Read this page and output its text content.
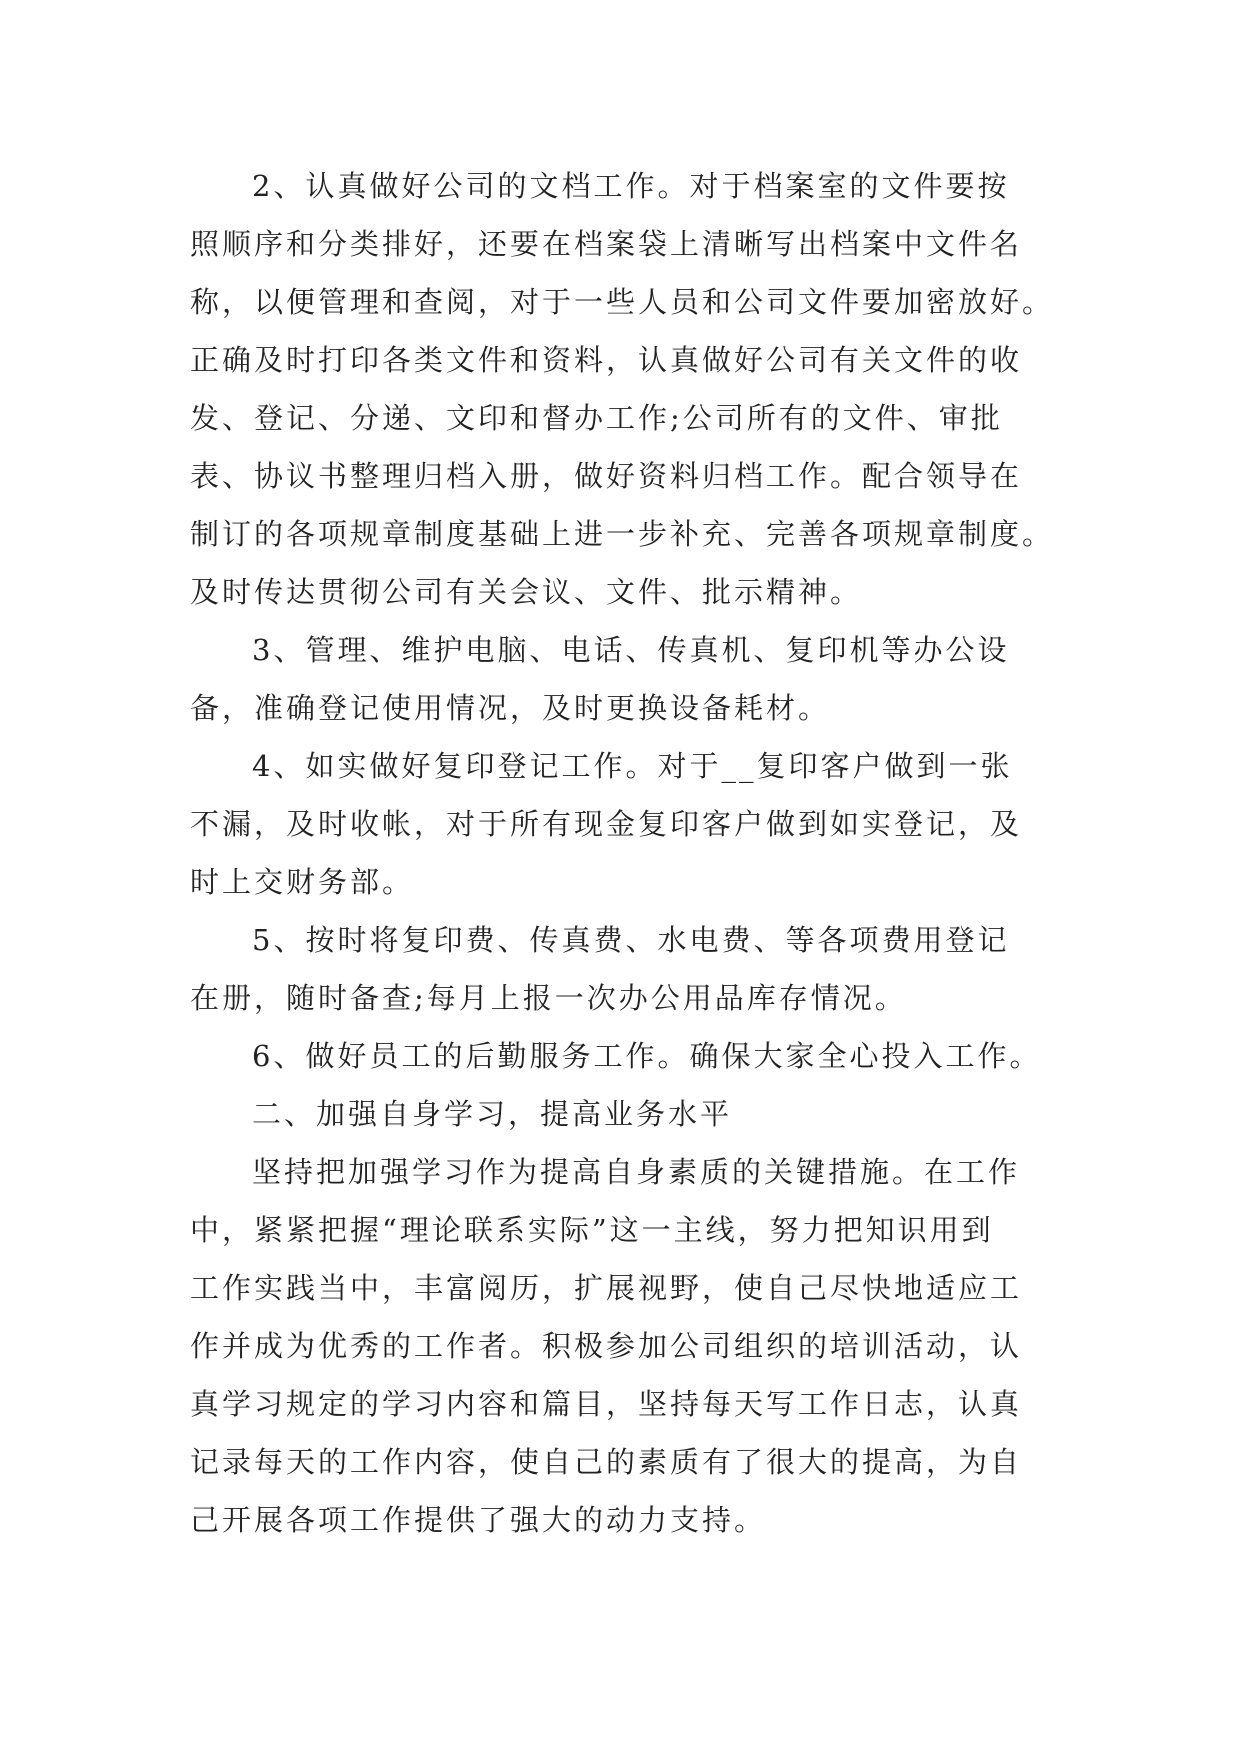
2、认真做好公司的文档工作。对于档案室的文件要按
照顺序和分类排好，还要在档案袋上清晰写出档案中文件名
称，以便管理和查阅，对于一些人员和公司文件要加密放好。
正确及时打印各类文件和资料，认真做好公司有关文件的收
发、登记、分递、文印和督办工作;公司所有的文件、审批
表、协议书整理归档入册，做好资料归档工作。配合领导在
制订的各项规章制度基础上进一步补充、完善各项规章制度。
及时传达贯彻公司有关会议、文件、批示精神。
3、管理、维护电脑、电话、传真机、复印机等办公设
备，准确登记使用情况，及时更换设备耗材。
4、如实做好复印登记工作。对于__复印客户做到一张
不漏，及时收帐，对于所有现金复印客户做到如实登记，及
时上交财务部。
5、按时将复印费、传真费、水电费、等各项费用登记
在册，随时备查;每月上报一次办公用品库存情况。
6、做好员工的后勤服务工作。确保大家全心投入工作。
二、加强自身学习，提高业务水平
坚持把加强学习作为提高自身素质的关键措施。在工作
中，紧紧把握“理论联系实际”这一主线，努力把知识用到
工作实践当中，丰富阅历，扩展视野，使自己尽快地适应工
作并成为优秀的工作者。积极参加公司组织的培训活动，认
真学习规定的学习内容和篇目，坚持每天写工作日志，认真
记录每天的工作内容，使自己的素质有了很大的提高，为自
己开展各项工作提供了强大的动力支持。
